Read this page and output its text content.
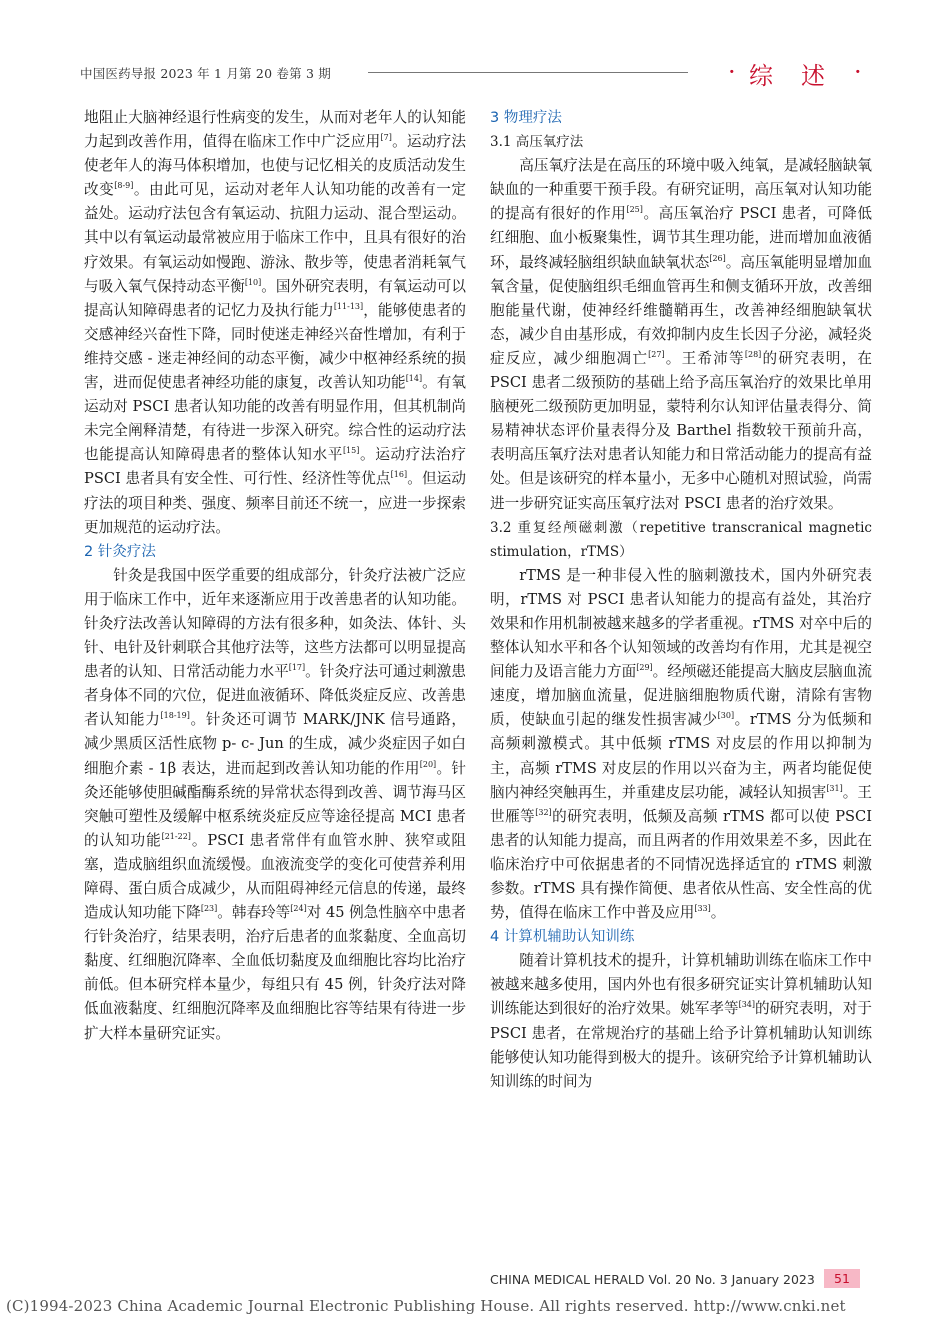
中国医药导报 2023 年 1 月第 20 卷第 3 期	· 综述 ·

地阻止大脑神经退行性病变的发生，从而对老年人的认知能力起到改善作用，值得在临床工作中广泛应用[7]。运动疗法使老年人的海马体积增加，也使与记忆相关的皮质活动发生改变[8-9]。由此可见，运动对老年人认知功能的改善有一定益处。运动疗法包含有氧运动、抗阻力运动、混合型运动。其中以有氧运动最常被应用于临床工作中，且具有很好的治疗效果。有氧运动如慢跑、游泳、散步等，使患者消耗氧气与吸入氧气保持动态平衡[10]。国外研究表明，有氧运动可以提高认知障碍患者的记忆力及执行能力[11-13]，能够使患者的交感神经兴奋性下降，同时使迷走神经兴奋性增加，有利于维持交感 - 迷走神经间的动态平衡，减少中枢神经系统的损害，进而促使患者神经功能的康复，改善认知功能[14]。有氧运动对 PSCI 患者认知功能的改善有明显作用，但其机制尚未完全阐释清楚，有待进一步深入研究。综合性的运动疗法也能提高认知障碍患者的整体认知水平[15]。运动疗法治疗 PSCI 患者具有安全性、可行性、经济性等优点[16]。但运动疗法的项目种类、强度、频率目前还不统一，应进一步探索更加规范的运动疗法。

2 针灸疗法

针灸是我国中医学重要的组成部分，针灸疗法被广泛应用于临床工作中，近年来逐渐应用于改善患者的认知功能。针灸疗法改善认知障碍的方法有很多种，如灸法、体针、头针、电针及针刺联合其他疗法等，这些方法都可以明显提高患者的认知、日常活动能力水平[17]。针灸疗法可通过刺激患者身体不同的穴位，促进血液循环、降低炎症反应、改善患者认知能力[18-19]。针灸还可调节 MARK/JNK 信号通路，减少黑质区活性底物 p- c- Jun 的生成，减少炎症因子如白细胞介素 - 1β 表达，进而起到改善认知功能的作用[20]。针灸还能够使胆碱酯酶系统的异常状态得到改善、调节海马区突触可塑性及缓解中枢系统炎症反应等途径提高 MCI 患者的认知功能[21-22]。PSCI 患者常伴有血管水肿、狭窄或阻塞，造成脑组织血流缓慢。血液流变学的变化可使营养利用障碍、蛋白质合成减少，从而阻碍神经元信息的传递，最终造成认知功能下降[23]。韩春玲等[24]对 45 例急性脑卒中患者行针灸治疗，结果表明，治疗后患者的血浆黏度、全血高切黏度、红细胞沉降率、全血低切黏度及血细胞比容均比治疗前低。但本研究样本量少，每组只有 45 例，针灸疗法对降低血液黏度、红细胞沉降率及血细胞比容等结果有待进一步扩大样本量研究证实。

3 物理疗法

3.1 高压氧疗法

高压氧疗法是在高压的环境中吸入纯氧，是减轻脑缺氧缺血的一种重要干预手段。有研究证明，高压氧对认知功能的提高有很好的作用[25]。高压氧治疗 PSCI 患者，可降低红细胞、血小板聚集性，调节其生理功能，进而增加血液循环，最终减轻脑组织缺血缺氧状态[26]。高压氧能明显增加血氧含量，促使脑组织毛细血管再生和侧支循环开放，改善细胞能量代谢，使神经纤维髓鞘再生，改善神经细胞缺氧状态，减少自由基形成，有效抑制内皮生长因子分泌，减轻炎症反应，减少细胞凋亡[27]。王希沛等[28]的研究表明，在 PSCI 患者二级预防的基础上给予高压氧治疗的效果比单用脑梗死二级预防更加明显，蒙特利尔认知评估量表得分、简易精神状态评价量表得分及 Barthel 指数较干预前升高，表明高压氧疗法对患者认知能力和日常活动能力的提高有益处。但是该研究的样本量小，无多中心随机对照试验，尚需进一步研究证实高压氧疗法对 PSCI 患者的治疗效果。

3.2 重复经颅磁刺激（repetitive transcranical magnetic stimulation，rTMS）

rTMS 是一种非侵入性的脑刺激技术，国内外研究表明，rTMS 对 PSCI 患者认知能力的提高有益处，其治疗效果和作用机制被越来越多的学者重视。rTMS 对卒中后的整体认知水平和各个认知领域的改善均有作用，尤其是视空间能力及语言能力方面[29]。经颅磁还能提高大脑皮层脑血流速度，增加脑血流量，促进脑细胞物质代谢，清除有害物质，使缺血引起的继发性损害减少[30]。rTMS 分为低频和高频刺激模式。其中低频 rTMS 对皮层的作用以抑制为主，高频 rTMS 对皮层的作用以兴奋为主，两者均能促使脑内神经突触再生，并重建皮层功能，减轻认知损害[31]。王世雁等[32]的研究表明，低频及高频 rTMS 都可以使 PSCI 患者的认知能力提高，而且两者的作用效果差不多，因此在临床治疗中可依据患者的不同情况选择适宜的 rTMS 刺激参数。rTMS 具有操作简便、患者依从性高、安全性高的优势，值得在临床工作中普及应用[33]。

4 计算机辅助认知训练

随着计算机技术的提升，计算机辅助训练在临床工作中被越来越多使用，国内外也有很多研究证实计算机辅助认知训练能达到很好的治疗效果。姚军孝等[34]的研究表明，对于 PSCI 患者，在常规治疗的基础上给予计算机辅助认知训练能够使认知功能得到极大的提升。该研究给予计算机辅助认知训练的时间为

CHINA MEDICAL HERALD Vol. 20 No. 3 January 2023	51
(C)1994-2023 China Academic Journal Electronic Publishing House. All rights reserved. http://www.cnki.net
